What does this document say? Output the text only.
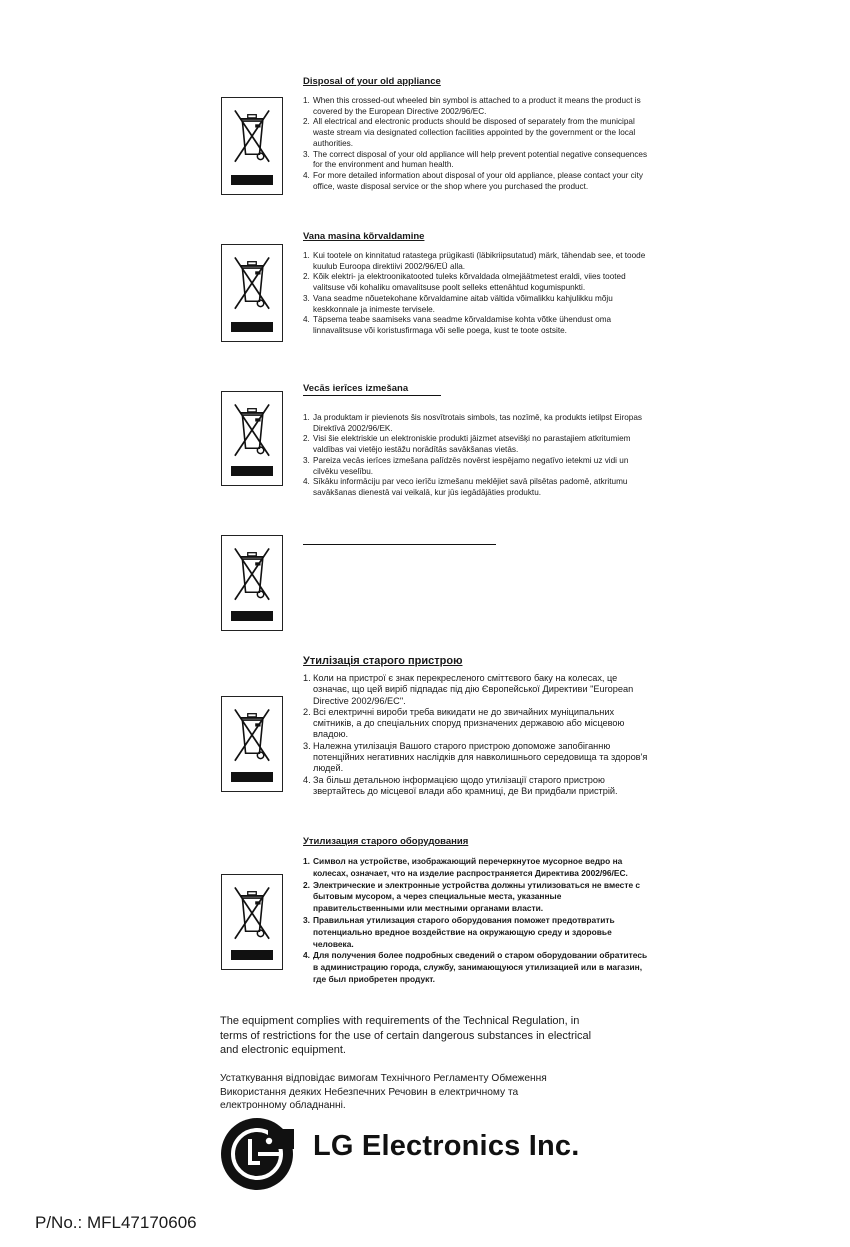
Disposal of your old appliance
1. When this crossed-out wheeled bin symbol is attached to a product it means the product is covered by the European Directive 2002/96/EC.
2. All electrical and electronic products should be disposed of separately from the municipal waste stream via designated collection facilities appointed by the government or the local authorities.
3. The correct disposal of your old appliance will help prevent potential negative consequences for the environment and human health.
4. For more detailed information about disposal of your old appliance, please contact your city office, waste disposal service or the shop where you purchased the product.
Vana masina kõrvaldamine
1. Kui tootele on kinnitatud ratastega prügikasti (läbikriipsutatud) märk, tähendab see, et toode kuulub Euroopa direktiivi 2002/96/EÜ alla.
2. Kõik elektri- ja elektroonikatooted tuleks kõrvaldada olmejäätmetest eraldi, viies tooted valitsuse või kohaliku omavalitsuse poolt selleks ettenähtud kogumispunkti.
3. Vana seadme nõuetekohane kõrvaldamine aitab vältida võimalikku kahjulikku mõju keskkonnale ja inimeste tervisele.
4. Täpsema teabe saamiseks vana seadme kõrvaldamise kohta võtke ühendust oma linnavalitsuse või koristusfirmaga või selle poega, kust te toote ostsite.
Vecās ierīces izmešana
1. Ja produktam ir pievienots šis nosvītrotais simbols, tas nozīmē, ka produkts ietilpst Eiropas Direktīvā 2002/96/EK.
2. Visi šie elektriskie un elektroniskie produkti jāizmet atsevišķi no parastajiem atkritumiem valdības vai vietējo iestāžu norādītās savākšanas vietās.
3. Pareiza vecās ierīces izmešana palīdzēs novērst iespējamo negatīvo ietekmi uz vidi un cilvēku veselību.
4. Sīkāku informāciju par veco ierīču izmešanu meklējiet savā pilsētas padomē, atkritumu savākšanas dienestā vai veikalā, kur jūs iegādājāties produktu.
Утилізація старого пристрою
1. Коли на пристрої є знак перекресленого сміттєвого баку на колесах, це означає, що цей виріб підпадає під дію Європейської Директиви "European Directive 2002/96/EC".
2. Всі електричні вироби треба викидати не до звичайних муніципальних смітників, а до спеціальних споруд призначених державою або місцевою владою.
3. Належна утилізація Вашого старого пристрою допоможе запобіганню потенційних негативних наслідків для навколишнього середовища та здоров'я людей.
4. За більш детальною інформацією щодо утилізації старого пристрою звертайтесь до місцевої влади або крамниці, де Ви придбали пристрій.
Утилизация старого оборудования
1. Символ на устройстве, изображающий перечеркнутое мусорное ведро на колесах, означает, что на изделие распространяется Директива 2002/96/EC.
2. Электрические и электронные устройства должны утилизоваться не вместе с бытовым мусором, а через специальные места, указанные правительственными или местными органами власти.
3. Правильная утилизация старого оборудования поможет предотвратить потенциально вредное воздействие на окружающую среду и здоровье человека.
4. Для получения более подробных сведений о старом оборудовании обратитесь в администрацию города, службу, занимающуюся утилизацией или в магазин, где был приобретен продукт.
The equipment complies with requirements of the Technical Regulation, in terms of restrictions for the use of certain dangerous substances in electrical and electronic equipment.
Устаткування відповідає вимогам Технічного Регламенту Обмеження Використання деяких Небезпечних Речовин в електричному та електронному обладнанні.
LG Electronics Inc.
P/No.: MFL47170606
